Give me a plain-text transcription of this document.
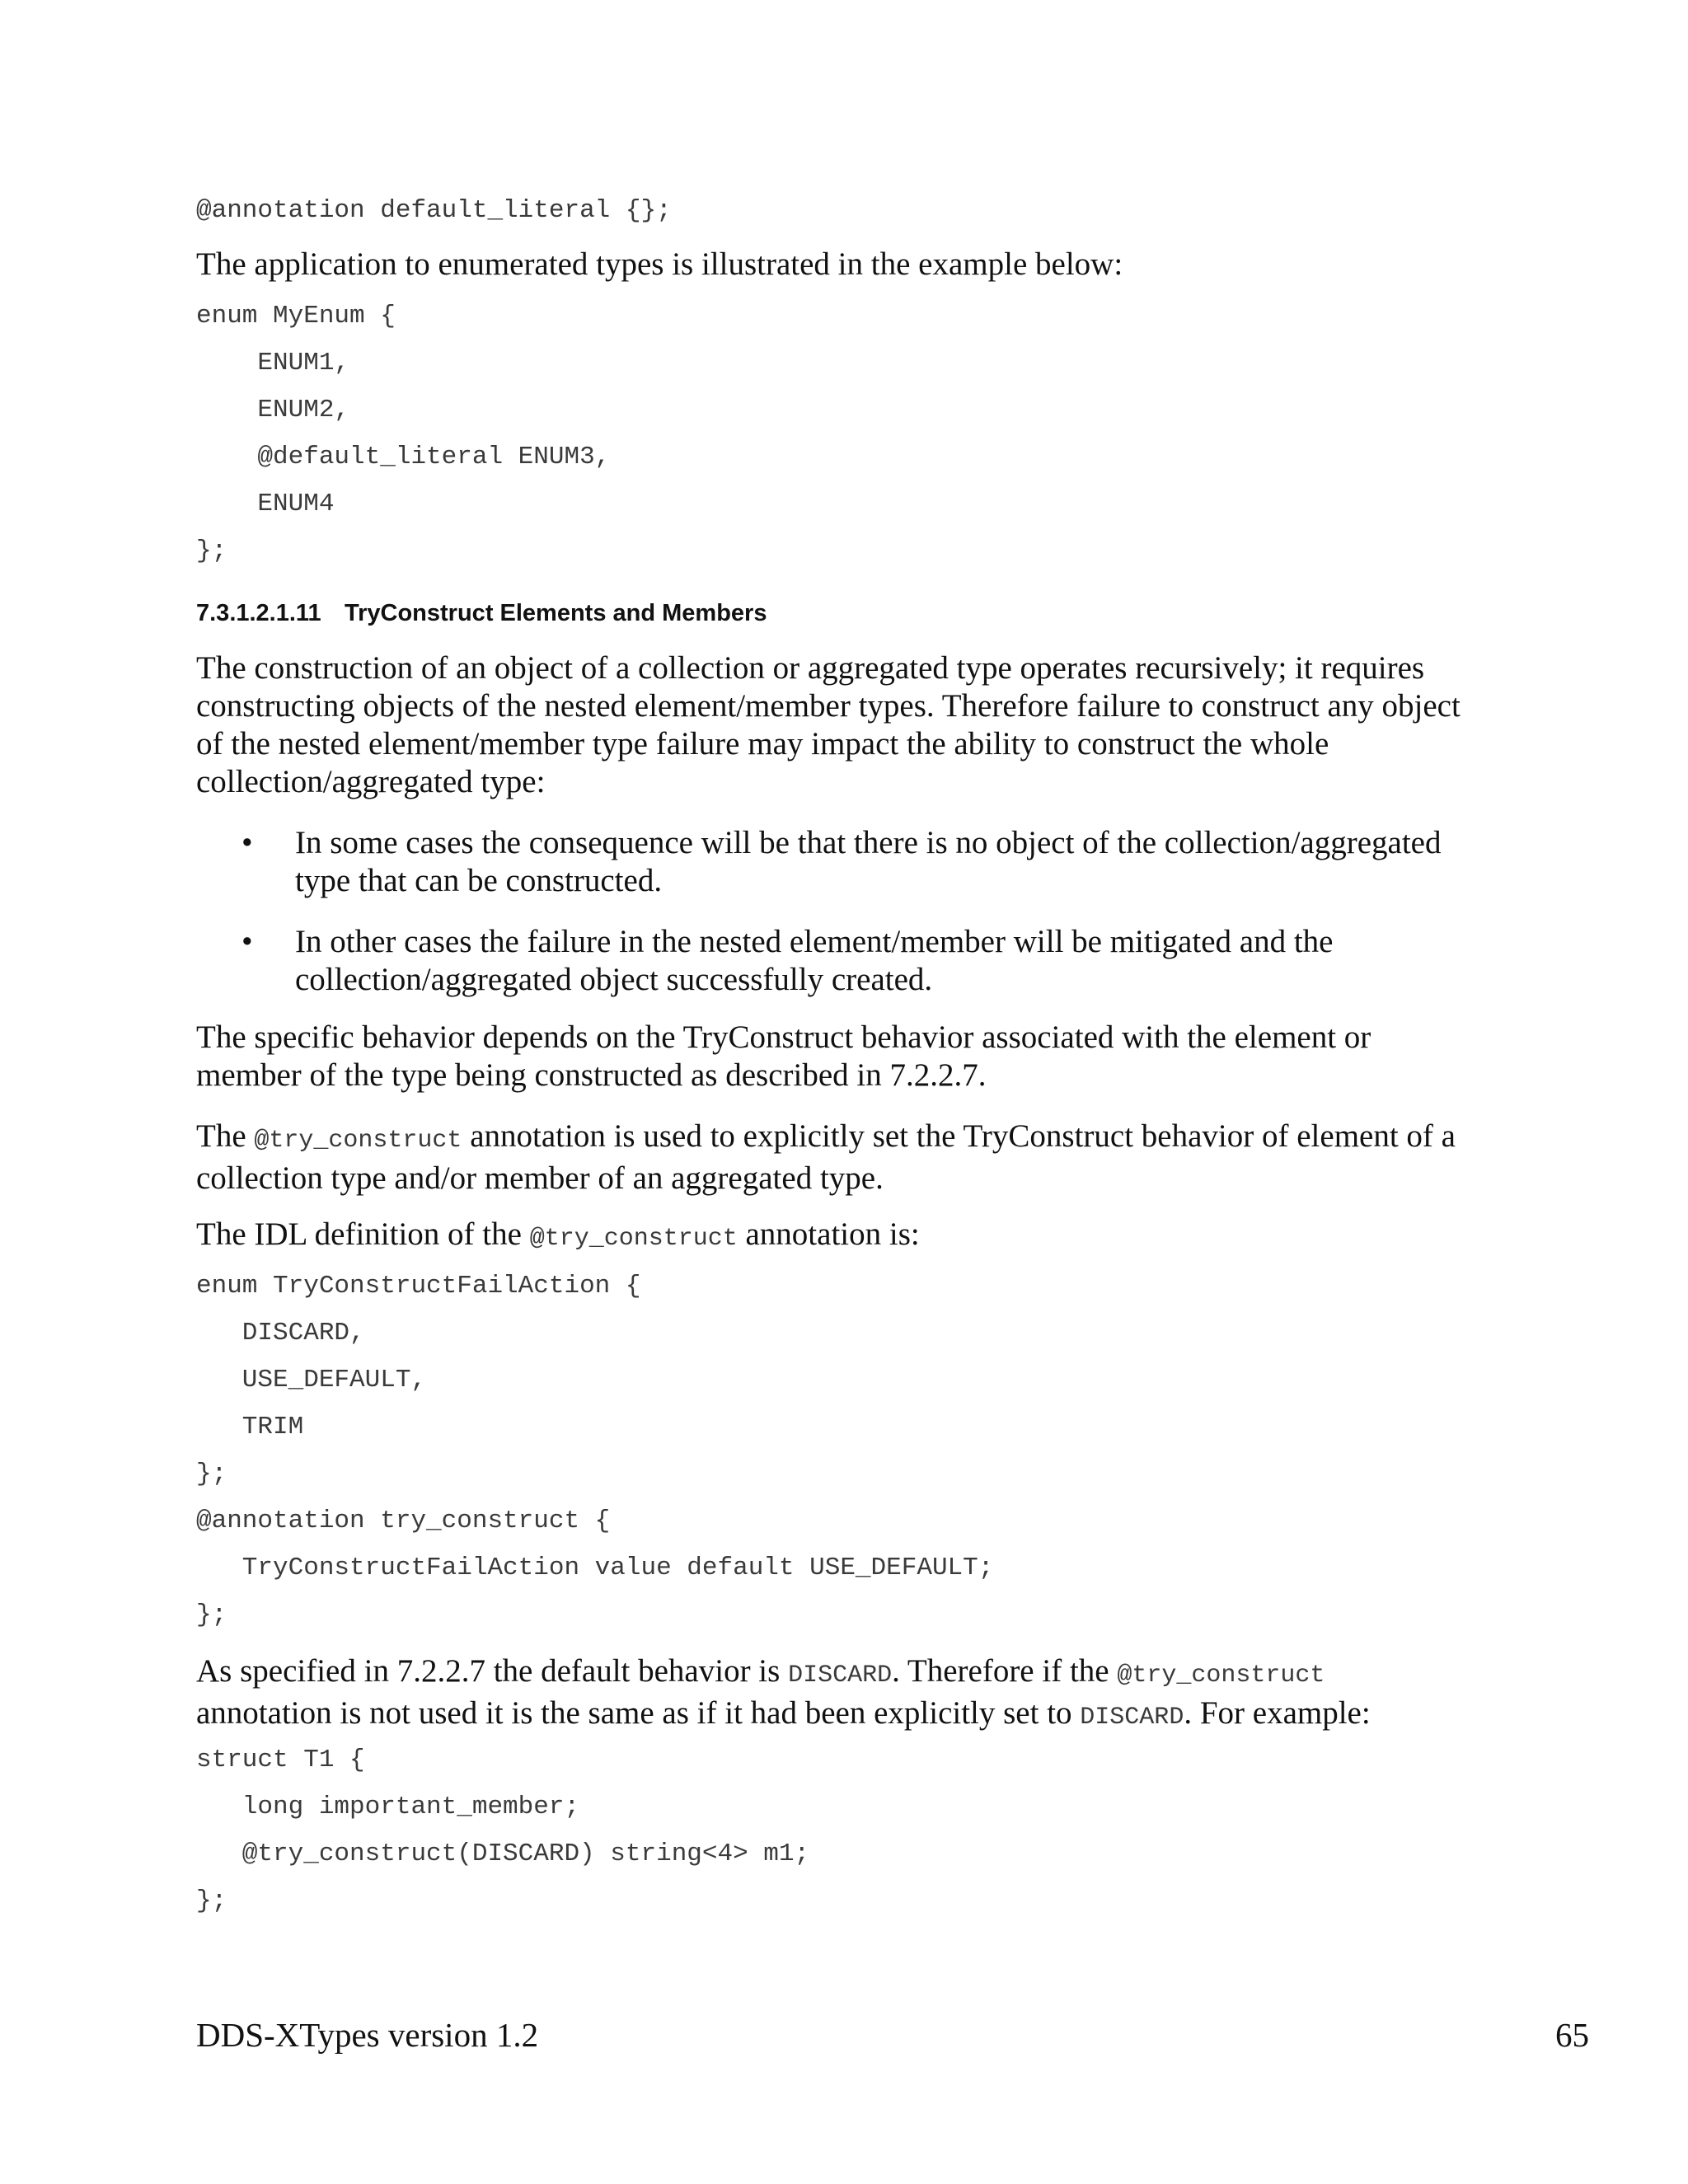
@annotation default_literal {};

The application to enumerated types is illustrated in the example below:

enum MyEnum {
ENUM1,
ENUM2,
@default_literal ENUM3,
ENUM4
};
7.3.1.2.1.11 TryConstruct Elements and Members

The construction of an object of a collection or aggregated type operates recursively; it requires constructing objects of the nested element/member types. Therefore failure to construct any object of the nested element/member type failure may impact the ability to construct the whole collection/aggregated type:

• In some cases the consequence will be that there is no object of the collection/aggregated type that can be constructed.

• In other cases the failure in the nested element/member will be mitigated and the collection/aggregated object successfully created.

The specific behavior depends on the TryConstruct behavior associated with the element or member of the type being constructed as described in 7.2.2.7.

The @try_construct annotation is used to explicitly set the TryConstruct behavior of element of a collection type and/or member of an aggregated type.

The IDL definition of the @try_construct annotation is:

enum TryConstructFailAction {
DISCARD,
USE_DEFAULT,
TRIM
};
@annotation try_construct {
TryConstructFailAction value default USE_DEFAULT;
};

As specified in 7.2.2.7 the default behavior is DISCARD. Therefore if the @try_construct annotation is not used it is the same as if it had been explicitly set to DISCARD. For example:

struct T1 {
long important_member;
@try_construct(DISCARD) string<4> m1;
};
DDS-XTypes version 1.2	65
